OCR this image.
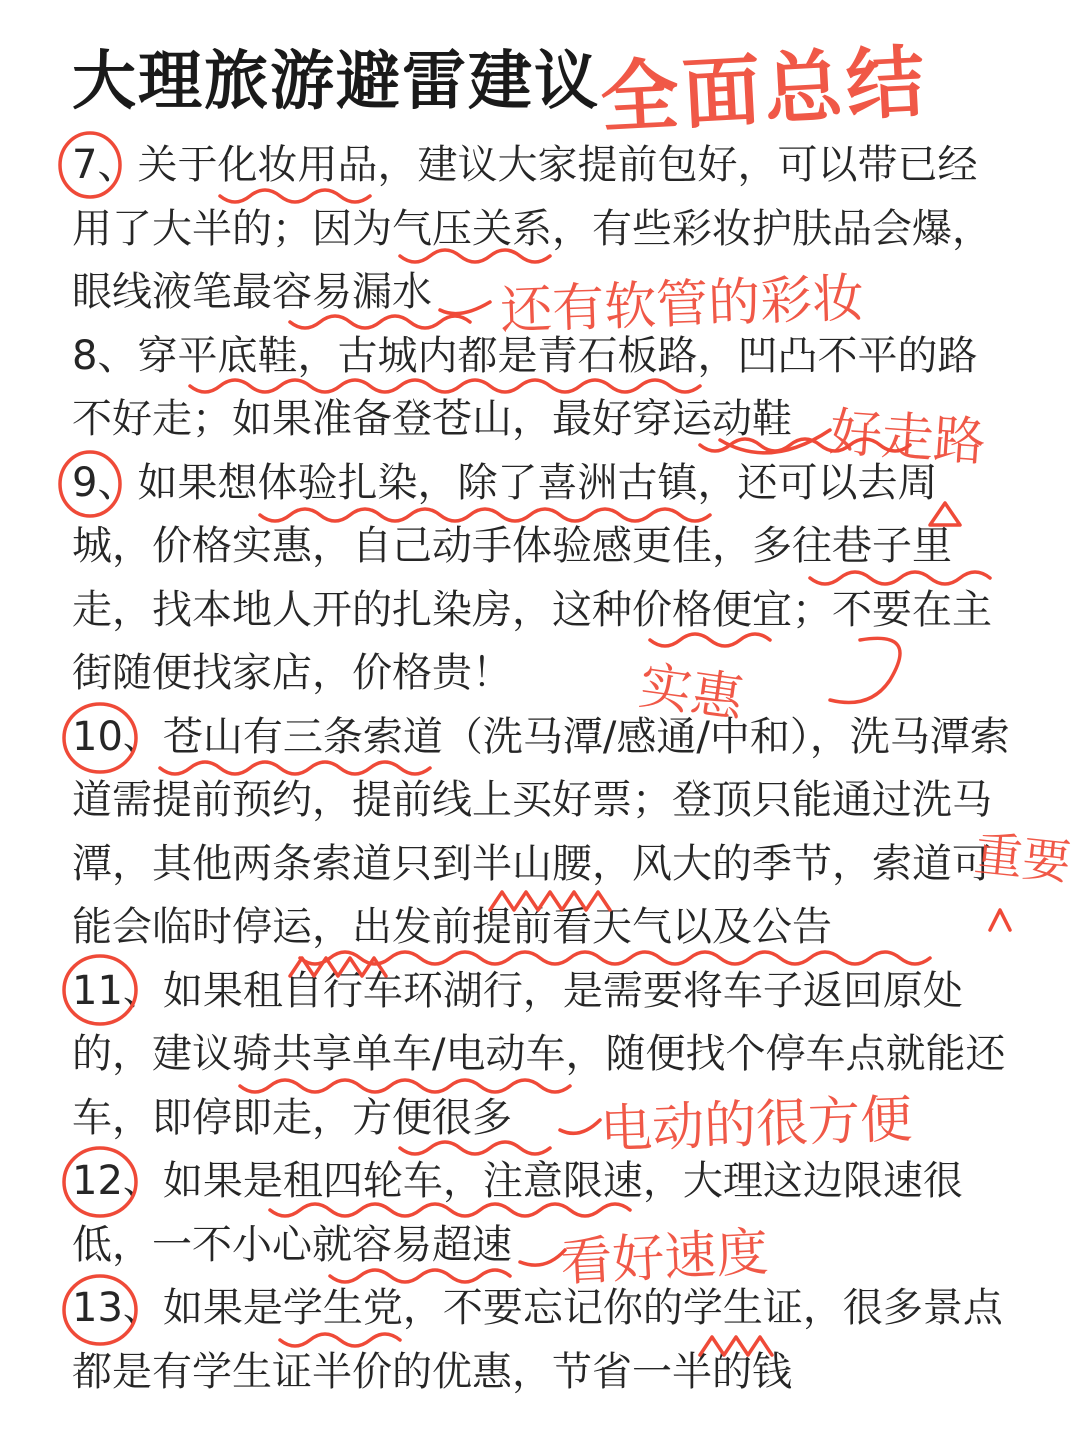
大理旅游避雷建议
全面总结

7、关于化妆用品，建议大家提前包好，可以带已经用了大半的；因为气压关系，有些彩妆护肤品会爆，眼线液笔最容易漏水

8、穿平底鞋，古城内都是青石板路，凹凸不平的路不好走；如果准备登苍山，最好穿运动鞋

9、如果想体验扎染，除了喜洲古镇，还可以去周城，价格实惠，自己动手体验感更佳，多往巷子里走，找本地人开的扎染房，这种价格便宜；不要在主街随便找家店，价格贵！

10、苍山有三条索道（洗马潭/感通/中和），洗马潭索道需提前预约，提前线上买好票；登顶只能通过洗马潭，其他两条索道只到半山腰，风大的季节，索道可能会临时停运，出发前提前看天气以及公告

11、如果租自行车环湖行，是需要将车子返回原处的，建议骑共享单车/电动车，随便找个停车点就能还车，即停即走，方便很多

12、如果是租四轮车，注意限速，大理这边限速很低，一不小心就容易超速

13、如果是学生党，不要忘记你的学生证，很多景点都是有学生证半价的优惠，节省一半的钱

还有软管的彩妆
好走路
实惠
重要
电动的很方便
看好速度
